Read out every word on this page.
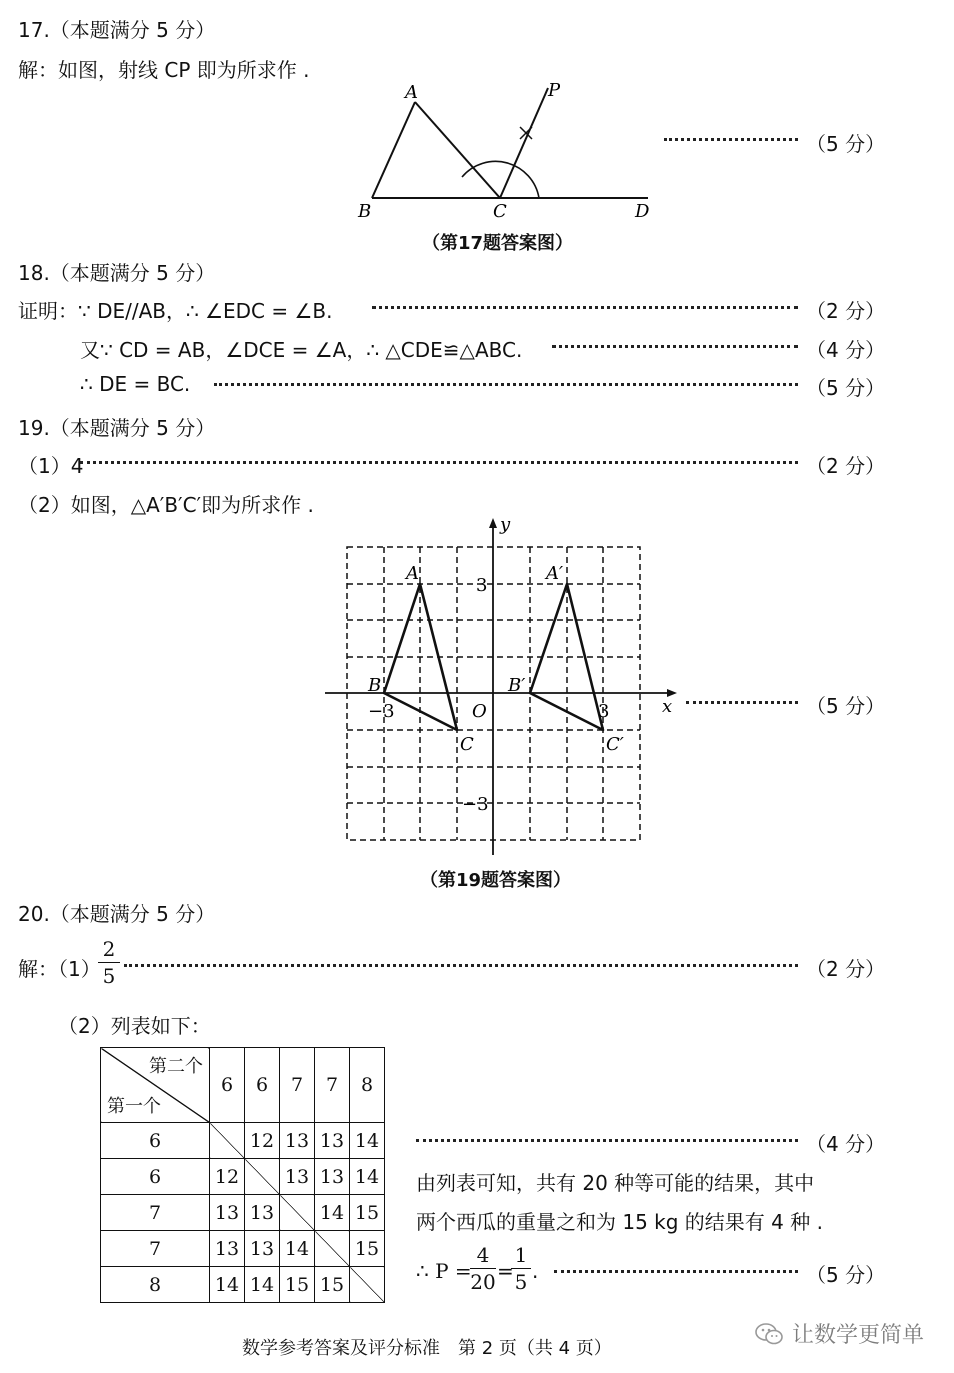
17.（本题满分 5 分）
解：如图，射线 CP 即为所求作 .
A
B	C	D
P
（5 分）
（第17题答案图）
18.（本题满分 5 分）
证明：∵ DE//AB，∴ ∠EDC = ∠B.	（2 分）
又∵ CD = AB，∠DCE = ∠A，∴ △CDE≌△ABC.	（4 分）
∴ DE = BC.	（5 分）
19.（本题满分 5 分）
（1）4	（2 分）
（2）如图，△A′B′C′即为所求作 .
x
y
O
−3	3
3
−3
A
B
C
A′
B′
C′
（5 分）
（第19题答案图）
20.（本题满分 5 分）
解：（1）
2
5	（2 分）
（2）列表如下：
第二个
第一个	6	6	7	7	8
6		12	13	13	14
6	12		13	13	14
7	13	13		14	15
7	13	13	14		15
8	14	14	15	15	
（4 分）
由列表可知，共有 20 种等可能的结果，其中
两个西瓜的重量之和为 15 kg 的结果有 4 种 .
∴ P =
4
20 =
1
5 .	（5 分）
数学参考答案及评分标准　第 2 页（共 4 页）
让数学更简单
